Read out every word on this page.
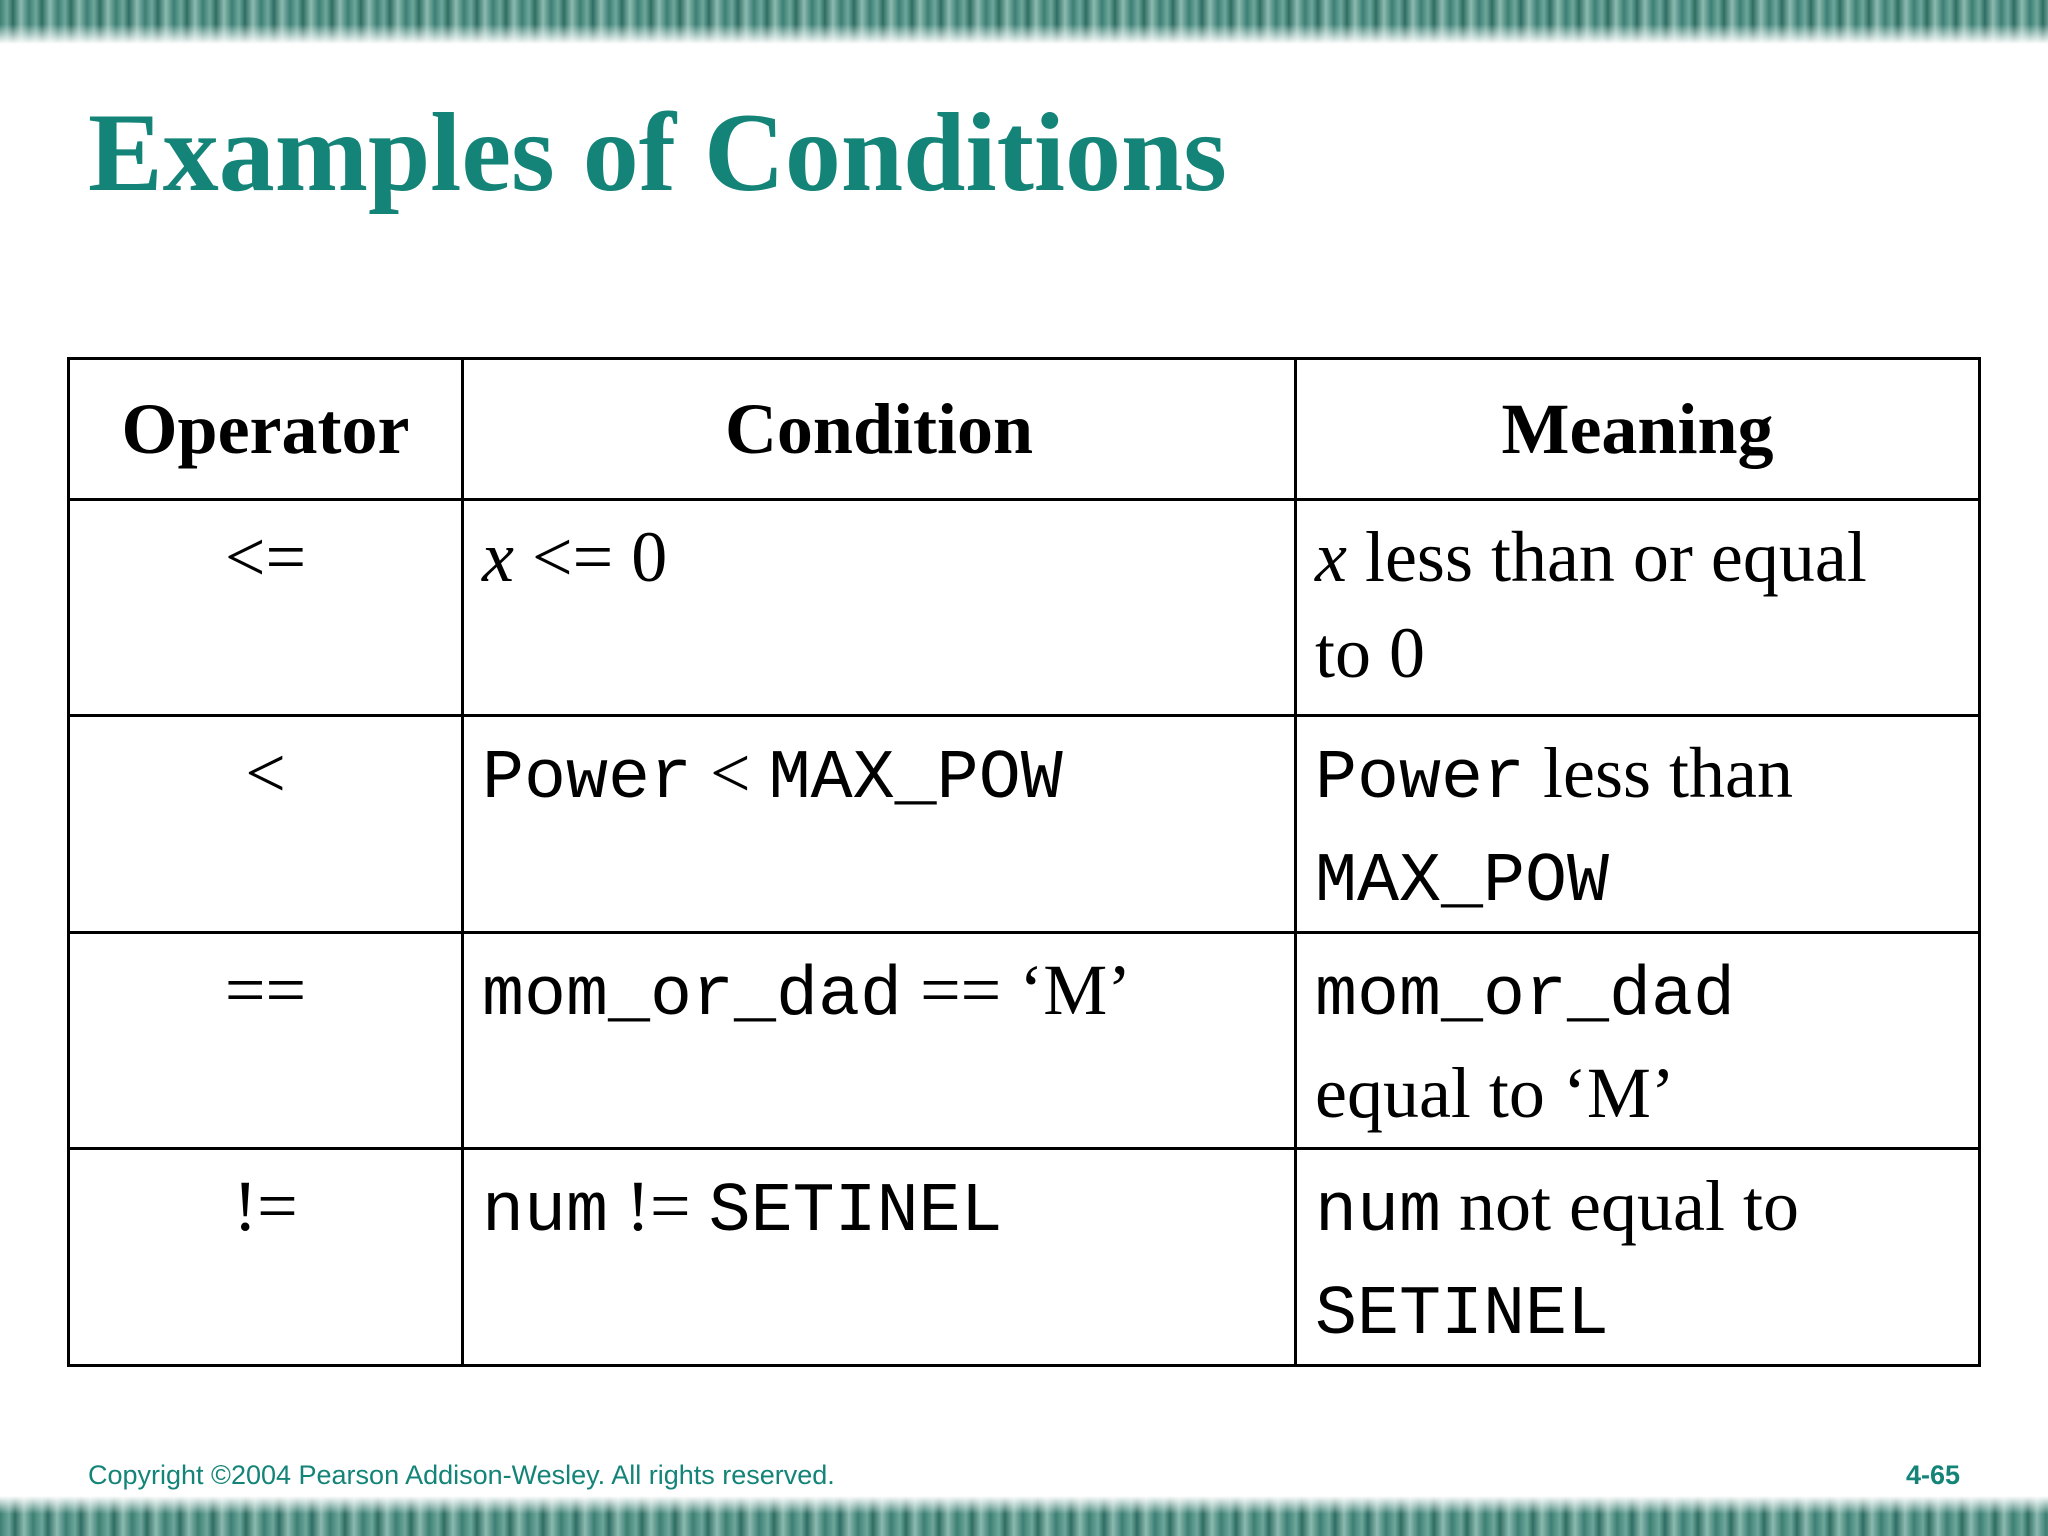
Examples of Conditions
Operator	Condition	Meaning
<=	x <= 0	x less than or equal
to 0
<	Power < MAX_POW	Power less than
MAX_POW
==	mom_or_dad == ‘M’	mom_or_dad
equal to ‘M’
!=	num != SETINEL	num not equal to
SETINEL
Copyright ©2004 Pearson Addison-Wesley. All rights reserved.	4-65
